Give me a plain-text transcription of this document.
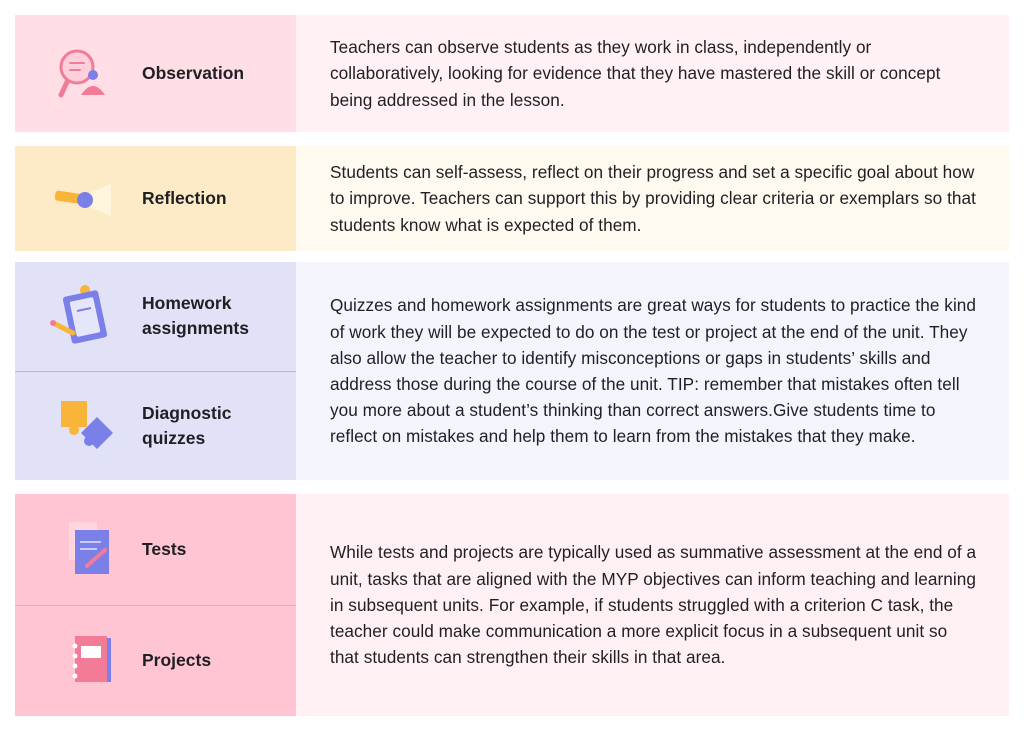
Observation

Teachers can observe students as they work in class, independently or collaboratively, looking for evidence that they have mastered the skill or concept being addressed in the lesson.

Reflection

Students can self-assess, reflect on their progress and set a specific goal about how to improve. Teachers can support this by providing clear criteria or exemplars so that students know what is expected of them.

Homework assignments
Diagnostic quizzes

Quizzes and homework assignments are great ways for students to practice the kind of work they will be expected to do on the test or project at the end of the unit. They also allow the teacher to identify misconceptions or gaps in students’ skills and address those during the course of the unit. TIP: remember that mistakes often tell you more about a student’s thinking than correct answers.Give students time to reflect on mistakes and help them to learn from the mistakes that they make.

Tests
Projects

While tests and projects are typically used as summative assessment at the end of a unit, tasks that are aligned with the MYP objectives can inform teaching and learning in subsequent units. For example, if students struggled with a criterion C task, the teacher could make communication a more explicit focus in a subsequent unit so that students can strengthen their skills in that area.
